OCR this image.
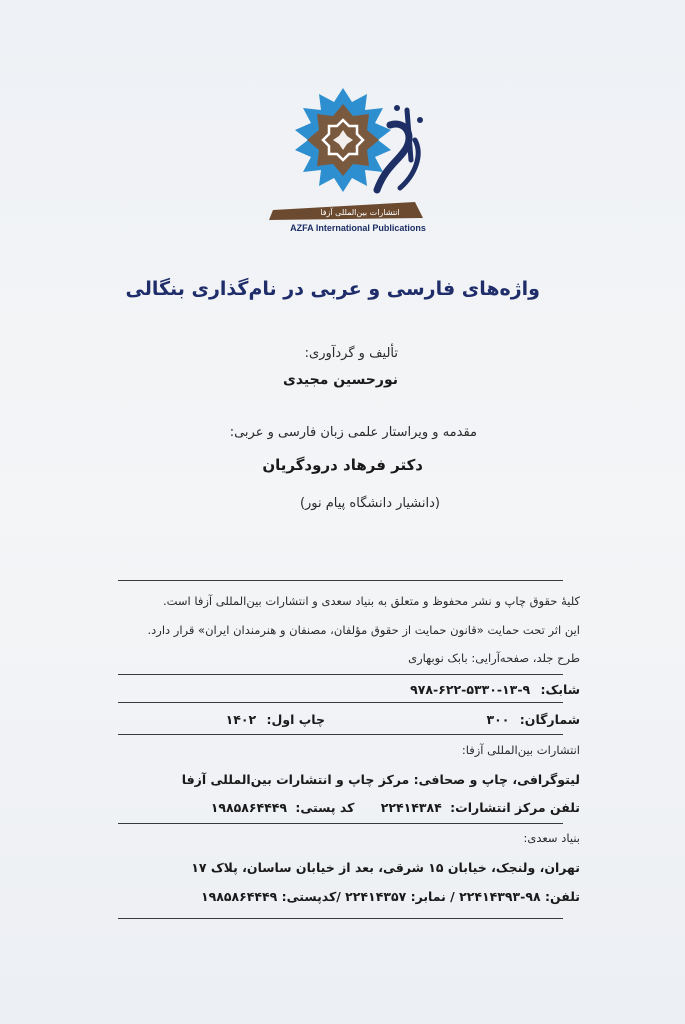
انتشارات بین‌المللی آزفا
AZFA International Publications
واژه‌های فارسی و عربی در نام‌گذاری بنگالی
تألیف و گردآوری:
نورحسین مجیدی
مقدمه و ویراستار علمی زبان فارسی و عربی:
دکتر فرهاد درودگریان
(دانشیار دانشگاه پیام نور)
کلیهٔ حقوق چاپ و نشر محفوظ و متعلق به بنیاد سعدی و انتشارات بین‌المللی آزفا است.
این اثر تحت حمایت «قانون حمایت از حقوق مؤلفان، مصنفان و هنرمندان ایران» قرار دارد.
طرح جلد، صفحه‌آرایی: بابک نوبهاری
شابک: ۹-۱۳-۵۳۳۰-۶۲۲-۹۷۸
شمارگان: ۳۰۰
چاپ اول: ۱۴۰۲
انتشارات بین‌المللی آزفا:
لیتوگرافی، چاپ و صحافی: مرکز چاپ و انتشارات بین‌المللی آزفا
تلفن مرکز انتشارات: ۲۲۴۱۴۳۸۴ کد پستی: ۱۹۸۵۸۶۴۴۴۹
بنیاد سعدی:
تهران، ولنجک، خیابان ۱۵ شرقی، بعد از خیابان ساسان، پلاک ۱۷
تلفن: ۹۸-۲۲۴۱۴۳۹۳ / نمابر: ۲۲۴۱۴۳۵۷ /کدپستی: ۱۹۸۵۸۶۴۴۴۹
